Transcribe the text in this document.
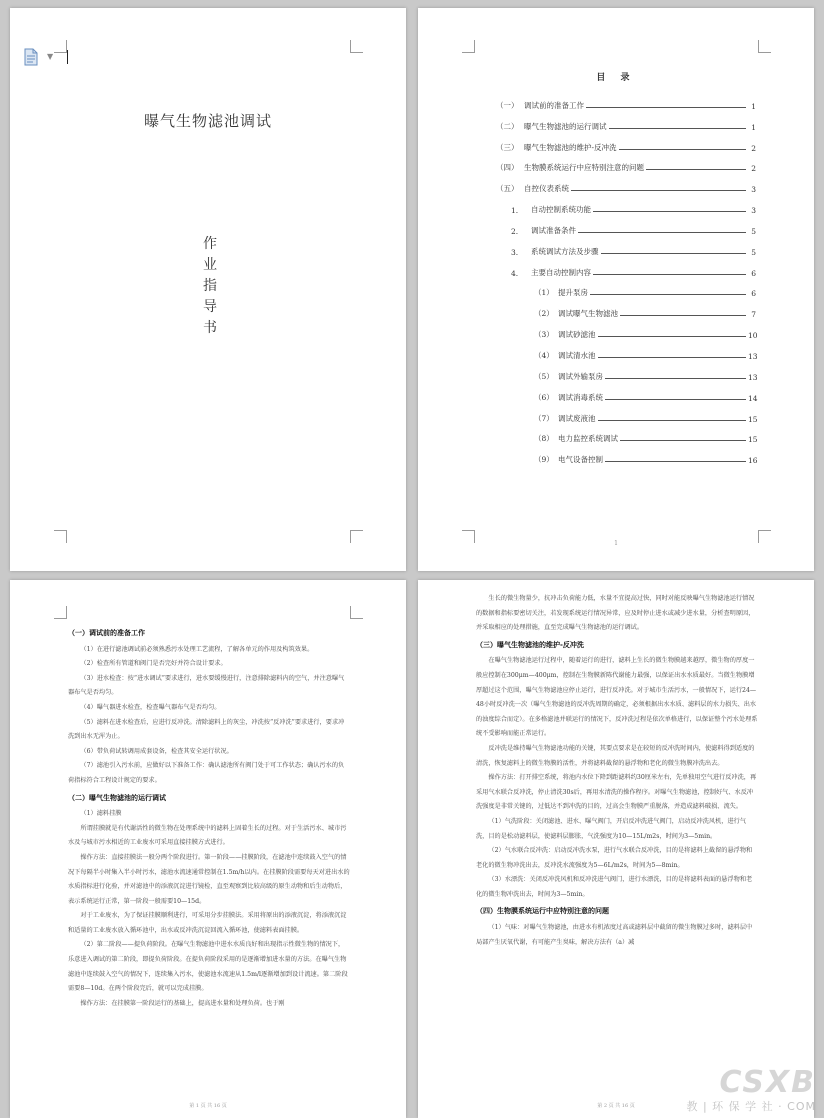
▼
曝气生物滤池调试
作
业
指
导
书
目 录
（一） 调试前的准备工作	1
（二） 曝气生物滤池的运行调试	1
（三） 曝气生物滤池的维护-反冲洗	2
（四） 生物膜系统运行中应特别注意的问题	2
（五） 自控仪表系统	3
1.	自动控制系统功能	3
2.	调试准备条件	5
3.	系统调试方法及步骤	5
4.	主要自动控制内容	6
（1） 提升泵房	6
（2） 调试曝气生物滤池	7
（3） 调试砂滤池	10
（4） 调试清水池	13
（5） 调试外输泵房	13
（6） 调试消毒系统	14
（7） 调试废液池	15
（8） 电力监控系统调试	15
（9） 电气设备控制	16
1
（一）调试前的准备工作

（1）在进行滤池调试前必须熟悉污水处理工艺流程，了解各单元的作用及构筑效果。

（2）检查所有管道和阀门是否完好并符合设计要求。

（3）进水检查：按“进水调试”要求进行，进水要缓慢进行，注意排除滤料内的空气，并注意曝气器布气是否均匀。

（4）曝气器进水检查，检查曝气器布气是否均匀。

（5）滤料在进水检查后，应进行反冲洗。清除滤料上的灰尘，冲洗按“反冲洗”要求进行，要求冲洗到出水无浑为止。

（6）带负荷试转调用成套设备，检查其安全运行状况。

（7）滤池引入污水前，应做好以下准备工作：确认滤池所有阀门处于可工作状态；确认污水的负荷指标符合工程设计规定的要求。

（二）曝气生物滤池的运行调试

（1）滤料挂膜

所谓挂膜就是有代谢活性的微生物在处理系统中的滤料上固着生长的过程。对于生活污水、城市污水及与城市污水相近的工业废水可采用直接挂膜方式进行。

操作方法：直接挂膜法一般分两个阶段进行。第一阶段——挂膜阶段，在滤池中连续鼓入空气的情况下每隔半小时集入半小时污水，滤池水流速通常控制在1.5m/h以内。在挂膜阶段需要每天对进出水的水质指标进行化验，并对滤池中的添液沉淀进行镜检，直至观察到比较高级的原生动物和后生动物后，表示系统运行正常，第一阶段一般需要10—15d。

对于工业废水，为了保证挂膜顺利进行，可采用分步挂膜法。采用将原出的添液沉淀，将添液沉淀和适量的工业废水放入循环池中，出水或反冲洗沉淀回流入循环池，使滤料表面挂膜。

（2）第二阶段——提负荷阶段。在曝气生物滤池中进水水质良好和出现指示性微生物的情况下，乐意进入调试的第二阶段，即提负荷阶段。在提负荷阶段采用的是逐渐增加进水量的方法。在曝气生物滤池中连续鼓入空气的情况下，连续集入污水，使滤池水流速从1.5m/l逐渐增加到设计流速。第二阶段需要8—10d。在两个阶段完后，就可以完成挂膜。

操作方法：在挂膜第一阶段运行的基础上，提高进水量和处理负荷。也于刚

第 1 页 共 16 页

生长的微生物量少，抗冲击负荷能力低，水量不宜提高过快，同时对能反映曝气生物滤池运行情况的数据和指标要密切关注，若发现系统运行情况异常，应及时停止进水或减少进水量，分析查明原因，并采取相应的处理措施，直至完成曝气生物滤池的运行调试。

（三）曝气生物滤池的维护-反冲洗

在曝气生物滤池运行过程中，随着运行的进行，滤料上生长的微生物膜越来越厚，微生物的厚度一般应控制在300μm—400μm，控制在生物膜新陈代谢能力最强，以保证出水水质最好。当微生物膜增厚超过这个范围，曝气生物滤池应停止运行，进行反冲洗。对于城市生活污水，一般情况下，运行24—48小时反冲洗一次（曝气生物滤池的反冲洗周期的确定，必须根据出水水质、滤料层的水力损失、出水的浊度综合而定）。在多格滤池并联运行的情况下，反冲洗过程是依次单格进行，以保证整个污水处理系统不受影响而能正常运行。

反冲洗是维持曝气生物滤池功能的关键，其要点要求是在较短的反冲洗时间内，使滤料得到适度的清洗，恢复滤料上的微生物膜的活性，并将滤料截留的悬浮物和老化的微生物膜冲洗出去。

操作方法：打开排空系统，将池内水位下降到距滤料约30厘米左右，先单独用空气进行反冲洗，再采用气水联合反冲洗，停止清洗30s后，再用水清洗的操作程序。对曝气生物滤池，控制好气、水反冲洗强度是非常关键的，过低达不到冲洗的目的，过高会生物膜严重脱落，并造成滤料破损、流失。

（1）气洗阶段：关闭滤池、进水、曝气阀门，开启反冲洗进气阀门，启动反冲洗风机，进行气洗，目的是松动滤料层，使滤料层膨胀，气洗强度为10—15L/m2s，时间为3—5min。

（2）气水联合反冲洗：启动反冲洗水泵，进行气水联合反冲洗，目的是将滤料上截留的悬浮物和老化的微生物冲洗出去，反冲洗水流强度为5—6L/m2s，时间为5—8min。

（3）水漂洗：关闭反冲洗风机和反冲洗进气阀门，进行水漂洗，目的是将滤料表面的悬浮物和老化的微生物冲洗出去，时间为3—5min。

（四）生物膜系统运行中应特别注意的问题

（1）气味：对曝气生物滤池，由进水有机浓度过高或滤料层中截留的微生物膜过多时，滤料层中局部产生厌氧代谢，有可能产生臭味，解决方法有（a）减

第 2 页 共 16 页
CSXB
教 | 环 保 学 社 · COM
